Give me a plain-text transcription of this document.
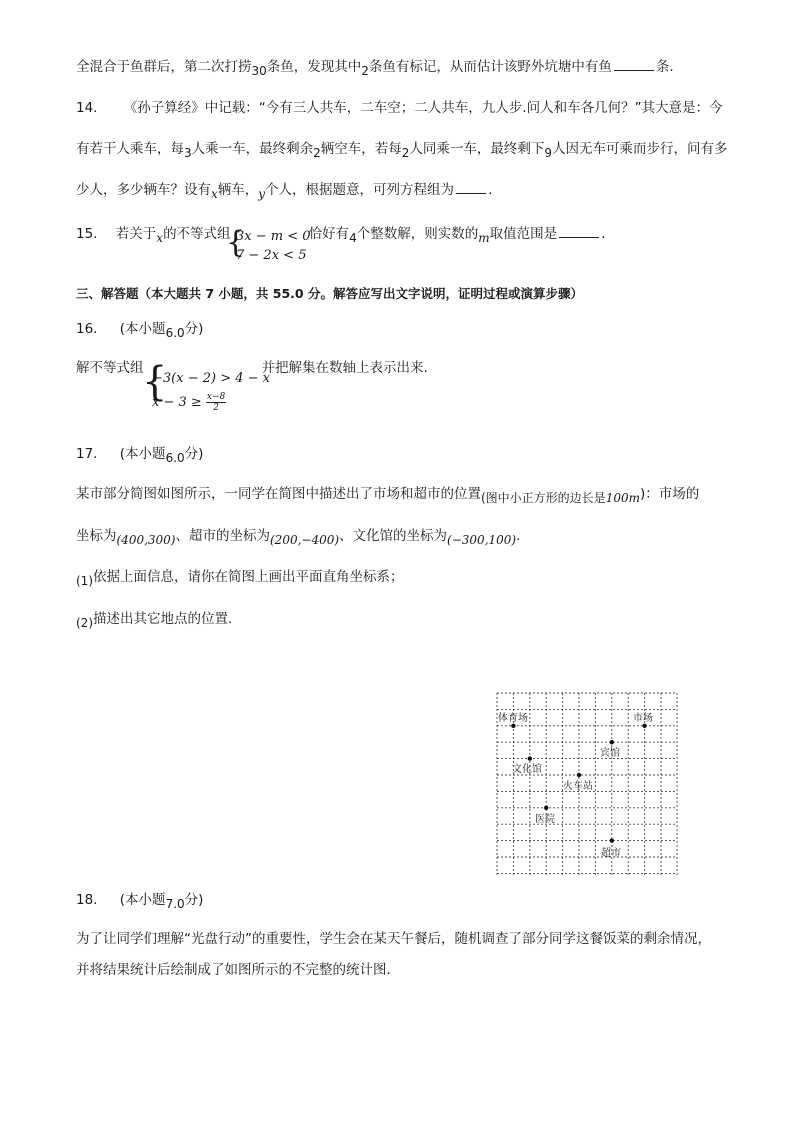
全混合于鱼群后，第二次打捞30条鱼，发现其中2条鱼有标记，从而估计该野外坑塘中有鱼	条.
14. 《孙子算经》中记载：“今有三人共车，二车空；二人共车，九人步.问人和车各几何？”其大意是：今
有若干人乘车，每3人乘一车，最终剩余2辆空车，若每2人同乘一车，最终剩下9人因无车可乘而步行，问有多
少人，多少辆车？设有x辆车，y个人，根据题意，可列方程组为	.
15. 若关于x的不等式组	恰好有4个整数解，则实数的m取值范围是	.
{
3x − m < 0
7 − 2x < 5
三、解答题（本大题共 7 小题，共 55.0 分。解答应写出文字说明，证明过程或演算步骤）
16. (本小题6.0分)
解不等式组	并把解集在数轴上表示出来.
{
−3(x − 2) > 4 − x
$x - 3 \ge \frac{x-8}{2}$
17. (本小题6.0分)
某市部分简图如图所示，一同学在简图中描述出了市场和超市的位置(图中小正方形的边长是100m)：市场的
坐标为(400,300)、超市的坐标为(200,−400)、文化馆的坐标为(−300,100).
(1)依据上面信息，请你在简图上画出平面直角坐标系；
(2)描述出其它地点的位置.
体育场	市场
宾馆
文化馆
火车站
医院
超市
18. (本小题7.0分)
为了让同学们理解“光盘行动”的重要性，学生会在某天午餐后，随机调查了部分同学这餐饭菜的剩余情况，
并将结果统计后绘制成了如图所示的不完整的统计图.
